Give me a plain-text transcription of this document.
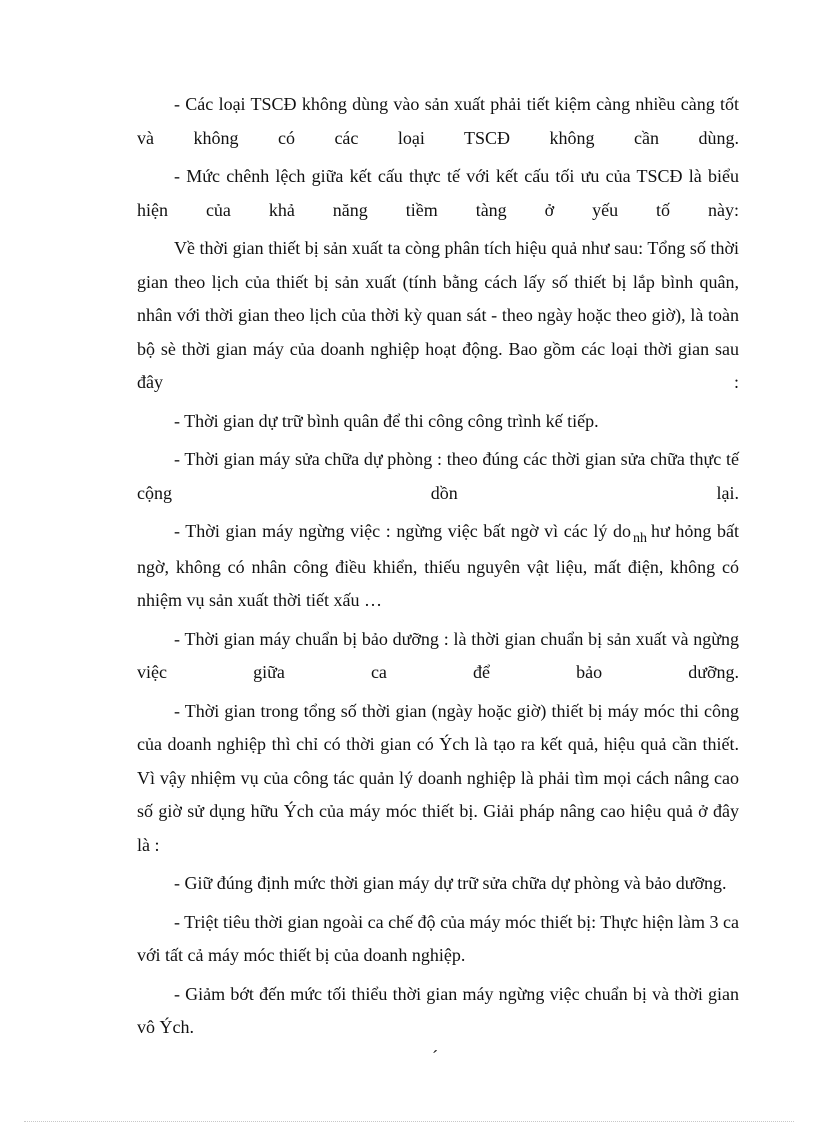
- Các loại TSCĐ không dùng vào sản xuất phải tiết kiệm càng nhiều càng tốt và không có các loại TSCĐ không cần dùng.

- Mức chênh lệch giữa kết cấu thực tế với kết cấu tối ưu của TSCĐ là biểu hiện của khả năng tiềm tàng ở yếu tố này:

Về thời gian thiết bị sản xuất ta còng phân tích hiệu quả như sau: Tổng số thời gian theo lịch của thiết bị sản xuất (tính bằng cách lấy số thiết bị lắp bình quân, nhân với thời gian theo lịch của thời kỳ quan sát - theo ngày hoặc theo giờ), là toàn bộ sè thời gian máy của doanh nghiệp hoạt động. Bao gồm các loại thời gian sau đây :

- Thời gian dự trữ bình quân để thi công công trình kế tiếp.

- Thời gian máy sửa chữa dự phòng : theo đúng các thời gian sửa chữa thực tế cộng dồn lại.

- Thời gian máy ngừng việc : ngừng việc bất ngờ vì các lý do $_{nh}$ hư hỏng bất ngờ, không có nhân công điều khiển, thiếu nguyên vật liệu, mất điện, không có nhiệm vụ sản xuất thời tiết xấu …

- Thời gian máy chuẩn bị bảo dưỡng : là thời gian chuẩn bị sản xuất và ngừng việc giữa ca để bảo dưỡng.

- Thời gian trong tổng số thời gian (ngày hoặc giờ) thiết bị máy móc thi công của doanh nghiệp thì chỉ có thời gian có Ých là tạo ra kết quả, hiệu quả cần thiết. Vì vậy nhiệm vụ của công tác quản lý doanh nghiệp là phải tìm mọi cách nâng cao số giờ sử dụng hữu Ých của máy móc thiết bị. Giải pháp nâng cao hiệu quả ở đây là :

- Giữ đúng định mức thời gian máy dự trữ sửa chữa dự phòng và bảo dưỡng.

- Triệt tiêu thời gian ngoài ca chế độ của máy móc thiết bị: Thực hiện làm 3 ca với tất cả máy móc thiết bị của doanh nghiệp.

- Giảm bớt đến mức tối thiểu thời gian máy ngừng việc chuẩn bị và thời gian vô Ých.

´
